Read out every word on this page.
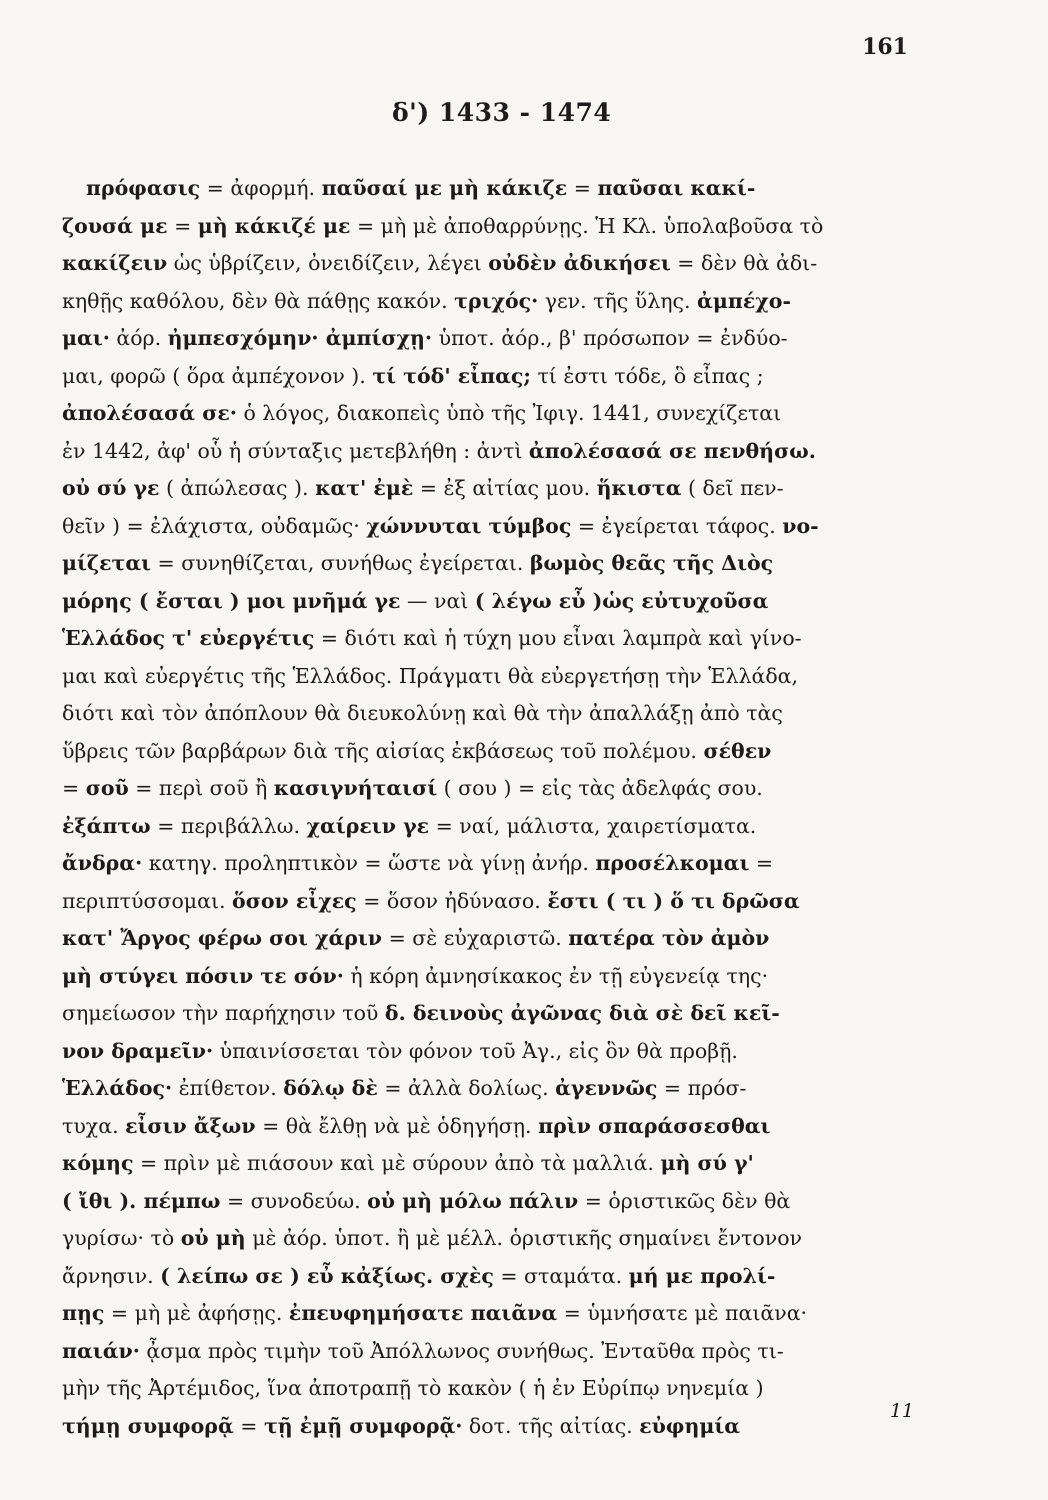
161
δ') 1433 - 1474
πρόφασις = ἀφορμή. παῦσαί με μὴ κάκιζε = παῦσαι κακί-
ζουσά με = μὴ κάκιζέ με = μὴ μὲ ἀποθαρρύνῃς. Ἡ Κλ. ὑπολαβοῦσα τὸ
κακίζειν ὡς ὑβρίζειν, ὀνειδίζειν, λέγει οὐδὲν ἀδικήσει = δὲν θὰ ἀδι-
κηθῇς καθόλου, δὲν θὰ πάθῃς κακόν. τριχός· γεν. τῆς ὕλης. ἀμπέχο-
μαι· ἀόρ. ἠμπεσχόμην· ἀμπίσχῃ· ὑποτ. ἀόρ., β' πρόσωπον = ἐνδύο-
μαι, φορῶ ( ὅρα ἀμπέχονον ). τί τόδ' εἶπας; τί ἐστι τόδε, ὃ εἶπας ;
ἀπολέσασά σε· ὁ λόγος, διακοπεὶς ὑπὸ τῆς Ἰφιγ. 1441, συνεχίζεται
ἐν 1442, ἀφ' οὗ ἡ σύνταξις μετεβλήθη : ἀντὶ ἀπολέσασά σε πενθήσω.
οὐ σύ γε ( ἀπώλεσας ). κατ' ἐμὲ = ἐξ αἰτίας μου. ἥκιστα ( δεῖ πεν-
θεῖν ) = ἐλάχιστα, οὐδαμῶς· χώννυται τύμβος = ἐγείρεται τάφος. νο-
μίζεται = συνηθίζεται, συνήθως ἐγείρεται. βωμὸς θεᾶς τῆς Διὸς
μόρης ( ἔσται ) μοι μνῆμά γε — ναὶ ( λέγω εὖ )ὡς εὐτυχοῦσα
Ἑλλάδος τ' εὐεργέτις = διότι καὶ ἡ τύχη μου εἶναι λαμπρὰ καὶ γίνο-
μαι καὶ εὐεργέτις τῆς Ἑλλάδος. Πράγματι θὰ εὐεργετήσῃ τὴν Ἑλλάδα,
διότι καὶ τὸν ἀπόπλουν θὰ διευκολύνῃ καὶ θὰ τὴν ἀπαλλάξῃ ἀπὸ τὰς
ὕβρεις τῶν βαρβάρων διὰ τῆς αἰσίας ἐκβάσεως τοῦ πολέμου. σέθεν
= σοῦ = περὶ σοῦ ἢ κασιγνήταισί ( σου ) = εἰς τὰς ἀδελφάς σου.
ἐξάπτω = περιβάλλω. χαίρειν γε = ναί, μάλιστα, χαιρετίσματα.
ἄνδρα· κατηγ. προληπτικὸν = ὥστε νὰ γίνῃ ἀνήρ. προσέλκομαι =
περιπτύσσομαι. ὅσον εἶχες = ὅσον ἠδύνασο. ἔστι ( τι ) ὅ τι δρῶσα
κατ' Ἄργος φέρω σοι χάριν = σὲ εὐχαριστῶ. πατέρα τὸν ἀμὸν
μὴ στύγει πόσιν τε σόν· ἡ κόρη ἀμνησίκακος ἐν τῇ εὐγενείᾳ της·
σημείωσον τὴν παρήχησιν τοῦ δ. δεινοὺς ἀγῶνας διὰ σὲ δεῖ κεῖ-
νον δραμεῖν· ὑπαινίσσεται τὸν φόνον τοῦ Ἀγ., εἰς ὃν θὰ προβῇ.
Ἑλλάδος· ἐπίθετον. δόλῳ δὲ = ἀλλὰ δολίως. ἀγεννῶς = πρόσ-
τυχα. εἶσιν ἄξων = θὰ ἔλθῃ νὰ μὲ ὁδηγήσῃ. πρὶν σπαράσσεσθαι
κόμης = πρὶν μὲ πιάσουν καὶ μὲ σύρουν ἀπὸ τὰ μαλλιά. μὴ σύ γ'
( ἴθι ). πέμπω = συνοδεύω. οὐ μὴ μόλω πάλιν = ὁριστικῶς δὲν θὰ
γυρίσω· τὸ οὐ μὴ μὲ ἀόρ. ὑποτ. ἢ μὲ μέλλ. ὁριστικῆς σημαίνει ἔντονον
ἄρνησιν. ( λείπω σε ) εὖ κἀξίως. σχὲς = σταμάτα. μή με προλί-
πῃς = μὴ μὲ ἀφήσῃς. ἐπευφημήσατε παιᾶνα = ὑμνήσατε μὲ παιᾶνα·
παιάν· ᾆσμα πρὸς τιμὴν τοῦ Ἀπόλλωνος συνήθως. Ἐνταῦθα πρὸς τι-
μὴν τῆς Ἀρτέμιδος, ἵνα ἀποτραπῇ τὸ κακὸν ( ἡ ἐν Εὐρίπῳ νηνεμία )
τήμῃ συμφορᾷ = τῇ ἐμῇ συμφορᾷ· δοτ. τῆς αἰτίας. εὐφημία
11
